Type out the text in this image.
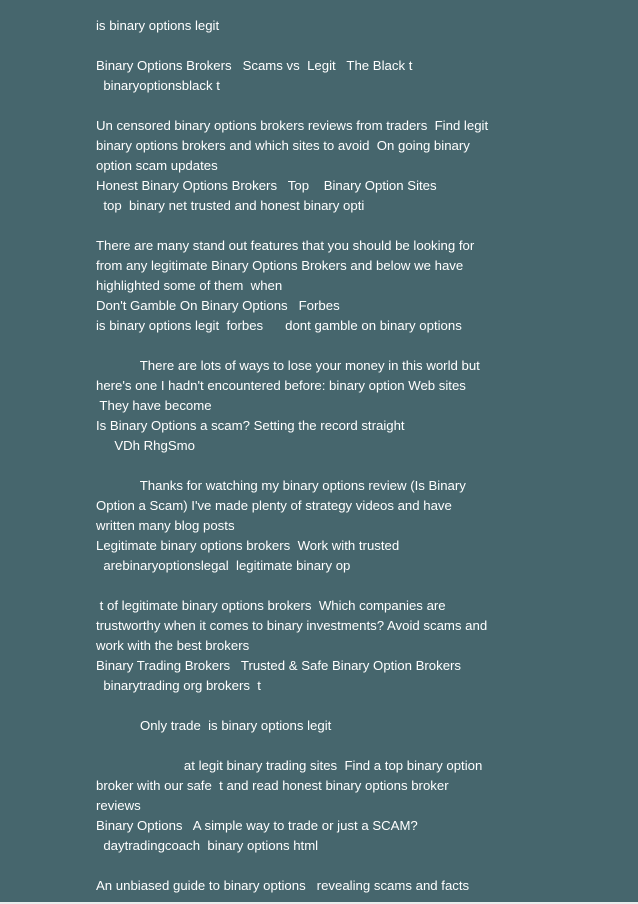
is binary options legit
Binary Options Brokers   Scams vs  Legit   The Black t
binaryoptionsblack t
Un censored binary options brokers reviews from traders  Find legit
binary options brokers and which sites to avoid  On going binary
option scam updates
Honest Binary Options Brokers   Top    Binary Option Sites
top  binary net trusted and honest binary opti
There are many stand out features that you should be looking for
from any legitimate Binary Options Brokers and below we have
highlighted some of them  when
Don't Gamble On Binary Options   Forbes
is binary options legit  forbes      dont gamble on binary options
There are lots of ways to lose your money in this world but
here's one I hadn't encountered before: binary option Web sites
They have become
Is Binary Options a scam? Setting the record straight
VDh RhgSmo
Thanks for watching my binary options review (Is Binary
Option a Scam) I've made plenty of strategy videos and have
written many blog posts
Legitimate binary options brokers  Work with trusted
arebinaryoptionslegal  legitimate binary op
t of legitimate binary options brokers  Which companies are
trustworthy when it comes to binary investments? Avoid scams and
work with the best brokers
Binary Trading Brokers   Trusted & Safe Binary Option Brokers
binarytrading org brokers  t
Only trade  is binary options legit
at legit binary trading sites  Find a top binary option
broker with our safe  t and read honest binary options broker
reviews
Binary Options   A simple way to trade or just a SCAM?
daytradingcoach  binary options html
An unbiased guide to binary options   revealing scams and facts
